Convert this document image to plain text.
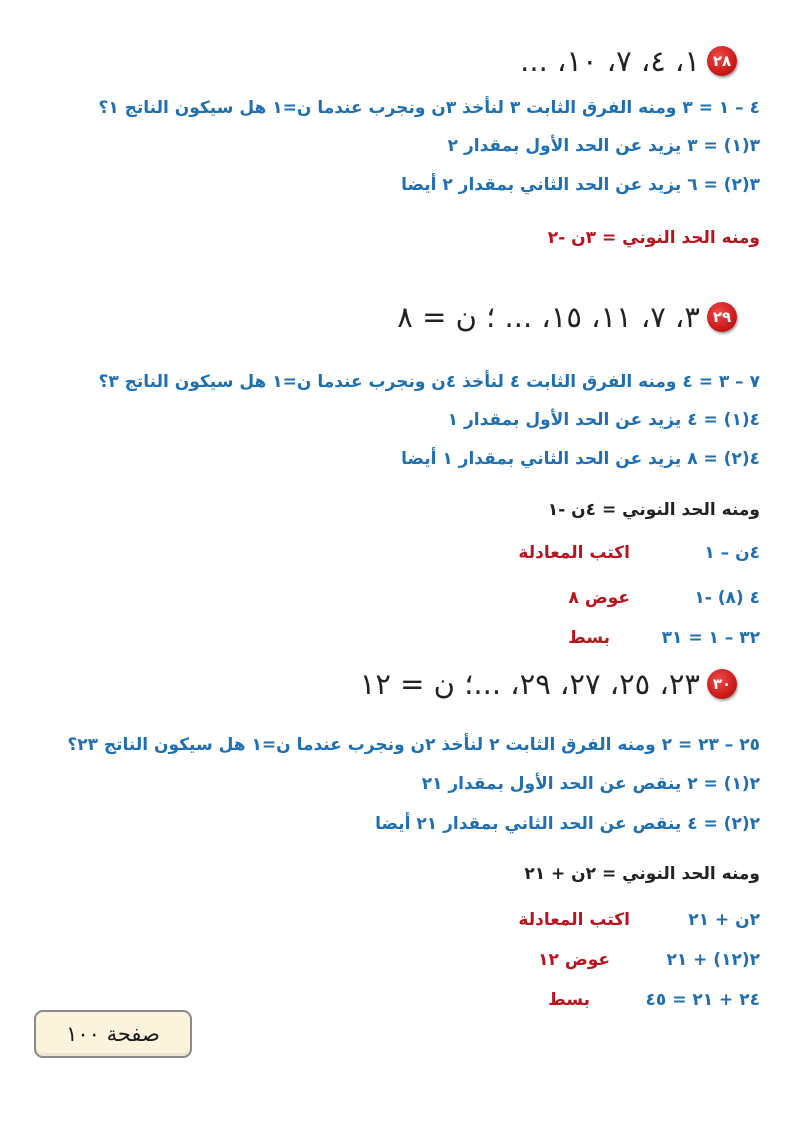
٢٨
١، ٤، ٧، ١٠، ...
٤ – ١ = ٣ ومنه الفرق الثابت ٣ لنأخذ ٣ن ونجرب عندما ن=١ هل سيكون الناتج ١؟
٣(١) = ٣ يزيد عن الحد الأول بمقدار ٢
٣(٢) = ٦ يزيد عن الحد الثاني بمقدار ٢ أيضا
ومنه الحد النوني = ٣ن -٢
٢٩
٣، ٧، ١١، ١٥، ... ؛ ن = ٨
٧ – ٣ = ٤ ومنه الفرق الثابت ٤ لنأخذ ٤ن ونجرب عندما ن=١ هل سيكون الناتج ٣؟
٤(١) = ٤ يزيد عن الحد الأول بمقدار ١
٤(٢) = ٨ يزيد عن الحد الثاني بمقدار ١ أيضا
ومنه الحد النوني = ٤ن -١
٤ن – ١
اكتب المعادلة
٤ (٨) -١
عوض ٨
٣٢ – ١ = ٣١
بسط
٣٠
٢٣، ٢٥، ٢٧، ٢٩، ...؛ ن = ١٢
٢٥ – ٢٣ = ٢ ومنه الفرق الثابت ٢ لنأخذ ٢ن ونجرب عندما ن=١ هل سيكون الناتج ٢٣؟
٢(١) = ٢ ينقص عن الحد الأول بمقدار ٢١
٢(٢) = ٤ ينقص عن الحد الثاني بمقدار ٢١ أيضا
ومنه الحد النوني = ٢ن + ٢١
٢ن + ٢١
اكتب المعادلة
٢(١٢) + ٢١
عوض ١٢
٢٤ + ٢١ = ٤٥
بسط
صفحة ١٠٠
